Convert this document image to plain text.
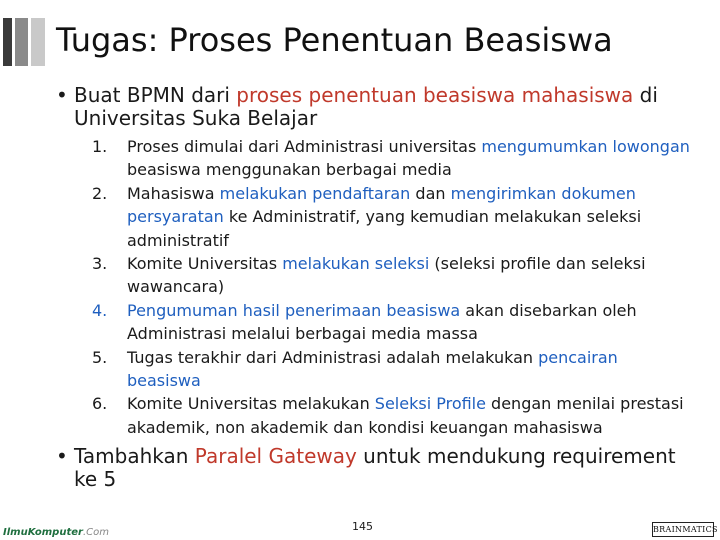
Tugas: Proses Penentuan Beasiswa
• Buat BPMN dari proses penentuan beasiswa mahasiswa di Universitas Suka Belajar
1. Proses dimulai dari Administrasi universitas mengumumkan lowongan beasiswa menggunakan berbagai media
2. Mahasiswa melakukan pendaftaran dan mengirimkan dokumen persyaratan ke Administratif, yang kemudian melakukan seleksi administratif
3. Komite Universitas melakukan seleksi (seleksi profile dan seleksi wawancara)
4. Pengumuman hasil penerimaan beasiswa akan disebarkan oleh Administrasi melalui berbagai media massa
5. Tugas terakhir dari Administrasi adalah melakukan pencairan beasiswa
6. Komite Universitas melakukan Seleksi Profile dengan menilai prestasi akademik, non akademik dan kondisi keuangan mahasiswa
• Tambahkan Paralel Gateway untuk mendukung requirement ke 5
IlmuKomputer.Com	145	BRAINMATICS
